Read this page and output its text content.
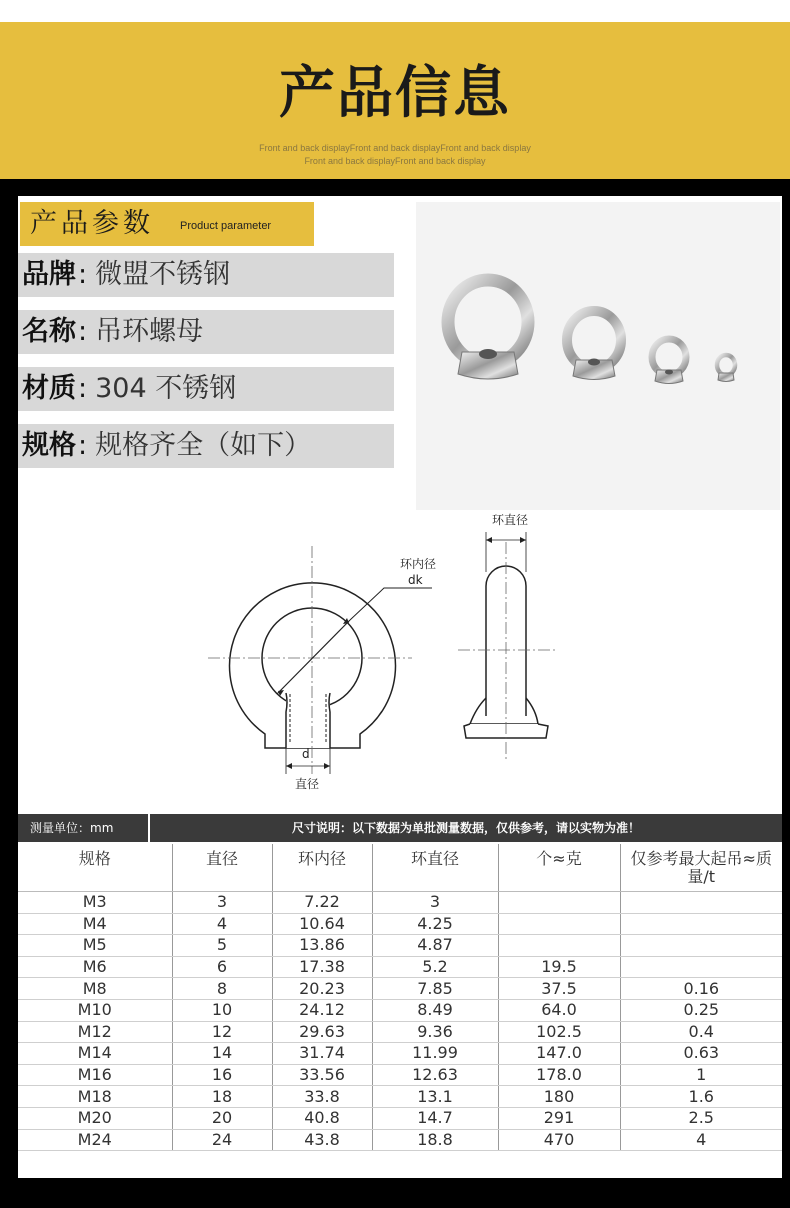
产品信息
Front and back displayFront and back displayFront and back display
Front and back displayFront and back display
产品参数 Product parameter
品牌: 微盟不锈钢
名称: 吊环螺母
材质: 304 不锈钢
规格: 规格齐全（如下）
环直径
环内径
dk
d
直径
测量单位：mm	尺寸说明：以下数据为单批测量数据，仅供参考，请以实物为准！
规格	直径	环内径	环直径	个≈克	仅参考最大起吊≈质量/t
M3	3	7.22	3		
M4	4	10.64	4.25		
M5	5	13.86	4.87		
M6	6	17.38	5.2	19.5	
M8	8	20.23	7.85	37.5	0.16
M10	10	24.12	8.49	64.0	0.25
M12	12	29.63	9.36	102.5	0.4
M14	14	31.74	11.99	147.0	0.63
M16	16	33.56	12.63	178.0	1
M18	18	33.8	13.1	180	1.6
M20	20	40.8	14.7	291	2.5
M24	24	43.8	18.8	470	4
